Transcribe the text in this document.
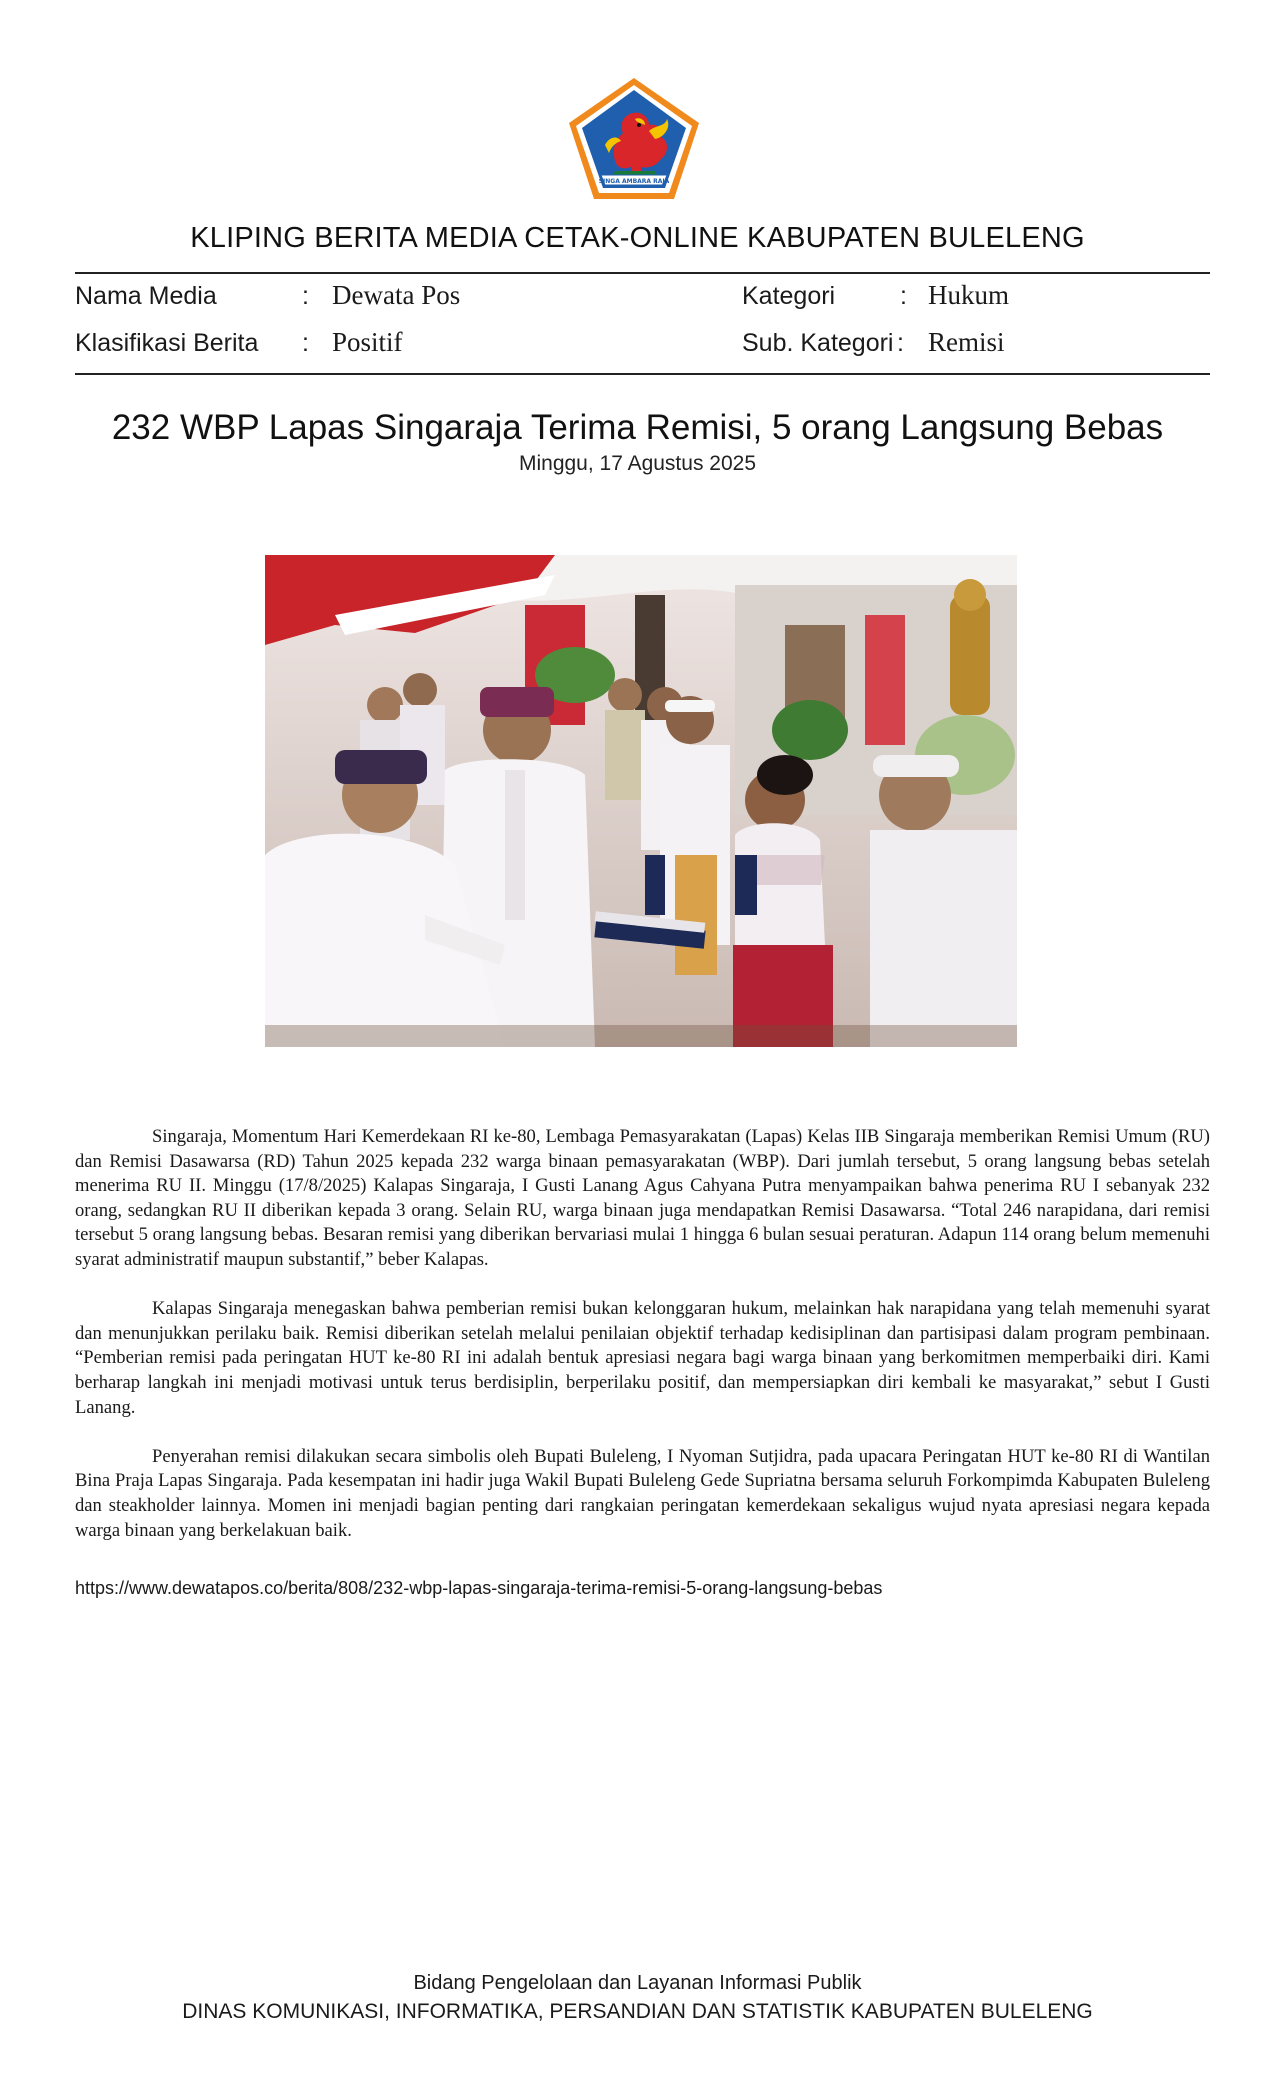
SINGA AMBARA RAJA
KLIPING BERITA MEDIA CETAK-ONLINE KABUPATEN BULELENG
Nama Media	: Dewata Pos	Kategori	: Hukum
Klasifikasi Berita : Positif	Sub. Kategori : Remisi
232 WBP Lapas Singaraja Terima Remisi, 5 orang Langsung Bebas
Minggu, 17 Agustus 2025

Singaraja, Momentum Hari Kemerdekaan RI ke-80, Lembaga Pemasyarakatan (Lapas) Kelas IIB Singaraja memberikan Remisi Umum (RU) dan Remisi Dasawarsa (RD) Tahun 2025 kepada 232 warga binaan pemasyarakatan (WBP). Dari jumlah tersebut, 5 orang langsung bebas setelah menerima RU II. Minggu (17/8/2025) Kalapas Singaraja, I Gusti Lanang Agus Cahyana Putra menyampaikan bahwa penerima RU I sebanyak 232 orang, sedangkan RU II diberikan kepada 3 orang. Selain RU, warga binaan juga mendapatkan Remisi Dasawarsa. “Total 246 narapidana, dari remisi tersebut 5 orang langsung bebas. Besaran remisi yang diberikan bervariasi mulai 1 hingga 6 bulan sesuai peraturan. Adapun 114 orang belum memenuhi syarat administratif maupun substantif,” beber Kalapas.

Kalapas Singaraja menegaskan bahwa pemberian remisi bukan kelonggaran hukum, melainkan hak narapidana yang telah memenuhi syarat dan menunjukkan perilaku baik. Remisi diberikan setelah melalui penilaian objektif terhadap kedisiplinan dan partisipasi dalam program pembinaan. “Pemberian remisi pada peringatan HUT ke-80 RI ini adalah bentuk apresiasi negara bagi warga binaan yang berkomitmen memperbaiki diri. Kami berharap langkah ini menjadi motivasi untuk terus berdisiplin, berperilaku positif, dan mempersiapkan diri kembali ke masyarakat,” sebut I Gusti Lanang.

Penyerahan remisi dilakukan secara simbolis oleh Bupati Buleleng, I Nyoman Sutjidra, pada upacara Peringatan HUT ke-80 RI di Wantilan Bina Praja Lapas Singaraja. Pada kesempatan ini hadir juga Wakil Bupati Buleleng Gede Supriatna bersama seluruh Forkompimda Kabupaten Buleleng dan steakholder lainnya. Momen ini menjadi bagian penting dari rangkaian peringatan kemerdekaan sekaligus wujud nyata apresiasi negara kepada warga binaan yang berkelakuan baik.

https://www.dewatapos.co/berita/808/232-wbp-lapas-singaraja-terima-remisi-5-orang-langsung-bebas
Bidang Pengelolaan dan Layanan Informasi Publik
DINAS KOMUNIKASI, INFORMATIKA, PERSANDIAN DAN STATISTIK KABUPATEN BULELENG
